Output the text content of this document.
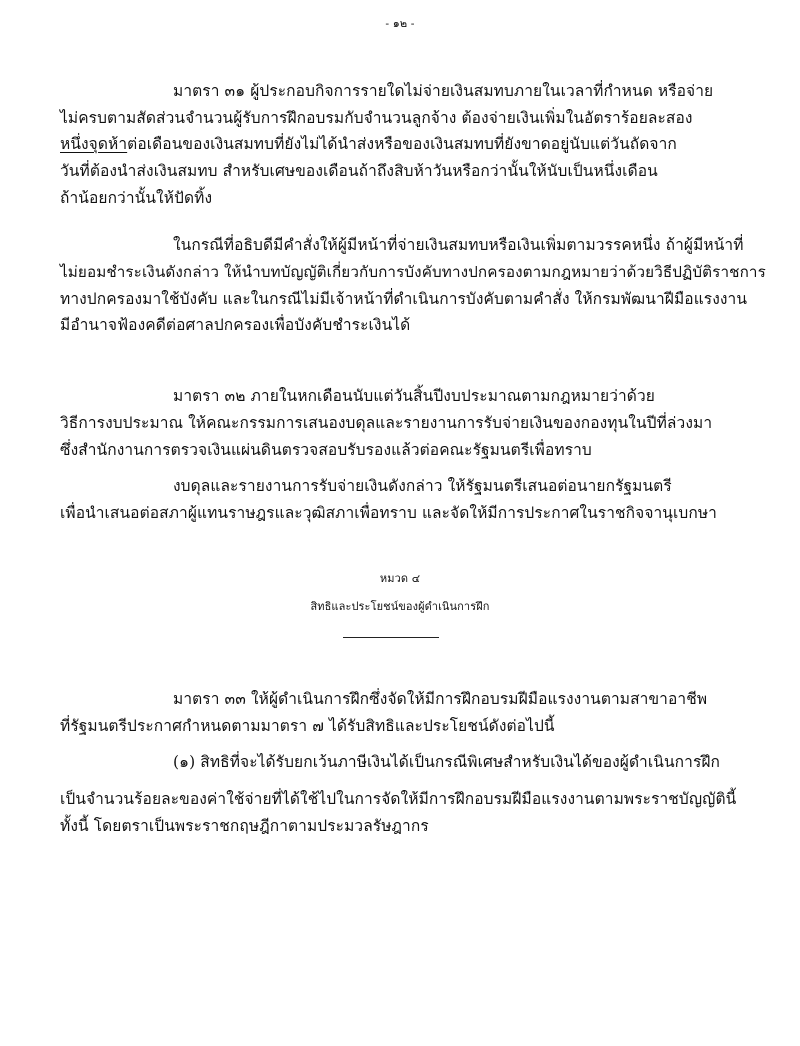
- ๑๒ -
มาตรา ๓๑ ผู้ประกอบกิจการรายใดไม่จ่ายเงินสมทบภายในเวลาที่กำหนด หรือจ่าย
ไม่ครบตามสัดส่วนจำนวนผู้รับการฝึกอบรมกับจำนวนลูกจ้าง ต้องจ่ายเงินเพิ่มในอัตราร้อยละสอง
หนึ่งจุดห้าต่อเดือนของเงินสมทบที่ยังไม่ได้นำส่งหรือของเงินสมทบที่ยังขาดอยู่นับแต่วันถัดจาก
วันที่ต้องนำส่งเงินสมทบ สำหรับเศษของเดือนถ้าถึงสิบห้าวันหรือกว่านั้นให้นับเป็นหนึ่งเดือน
ถ้าน้อยกว่านั้นให้ปัดทิ้ง
ในกรณีที่อธิบดีมีคำสั่งให้ผู้มีหน้าที่จ่ายเงินสมทบหรือเงินเพิ่มตามวรรคหนึ่ง ถ้าผู้มีหน้าที่
ไม่ยอมชำระเงินดังกล่าว ให้นำบทบัญญัติเกี่ยวกับการบังคับทางปกครองตามกฎหมายว่าด้วยวิธีปฏิบัติราชการ
ทางปกครองมาใช้บังคับ และในกรณีไม่มีเจ้าหน้าที่ดำเนินการบังคับตามคำสั่ง ให้กรมพัฒนาฝีมือแรงงาน
มีอำนาจฟ้องคดีต่อศาลปกครองเพื่อบังคับชำระเงินได้
มาตรา ๓๒ ภายในหกเดือนนับแต่วันสิ้นปีงบประมาณตามกฎหมายว่าด้วย
วิธีการงบประมาณ ให้คณะกรรมการเสนองบดุลและรายงานการรับจ่ายเงินของกองทุนในปีที่ล่วงมา
ซึ่งสำนักงานการตรวจเงินแผ่นดินตรวจสอบรับรองแล้วต่อคณะรัฐมนตรีเพื่อทราบ
งบดุลและรายงานการรับจ่ายเงินดังกล่าว ให้รัฐมนตรีเสนอต่อนายกรัฐมนตรี
เพื่อนำเสนอต่อสภาผู้แทนราษฎรและวุฒิสภาเพื่อทราบ และจัดให้มีการประกาศในราชกิจจานุเบกษา
หมวด ๔
สิทธิและประโยชน์ของผู้ดำเนินการฝึก
มาตรา ๓๓ ให้ผู้ดำเนินการฝึกซึ่งจัดให้มีการฝึกอบรมฝีมือแรงงานตามสาขาอาชีพ
ที่รัฐมนตรีประกาศกำหนดตามมาตรา ๗ ได้รับสิทธิและประโยชน์ดังต่อไปนี้
(๑) สิทธิที่จะได้รับยกเว้นภาษีเงินได้เป็นกรณีพิเศษสำหรับเงินได้ของผู้ดำเนินการฝึก
เป็นจำนวนร้อยละของค่าใช้จ่ายที่ได้ใช้ไปในการจัดให้มีการฝึกอบรมฝีมือแรงงานตามพระราชบัญญัตินี้
ทั้งนี้ โดยตราเป็นพระราชกฤษฎีกาตามประมวลรัษฎากร
